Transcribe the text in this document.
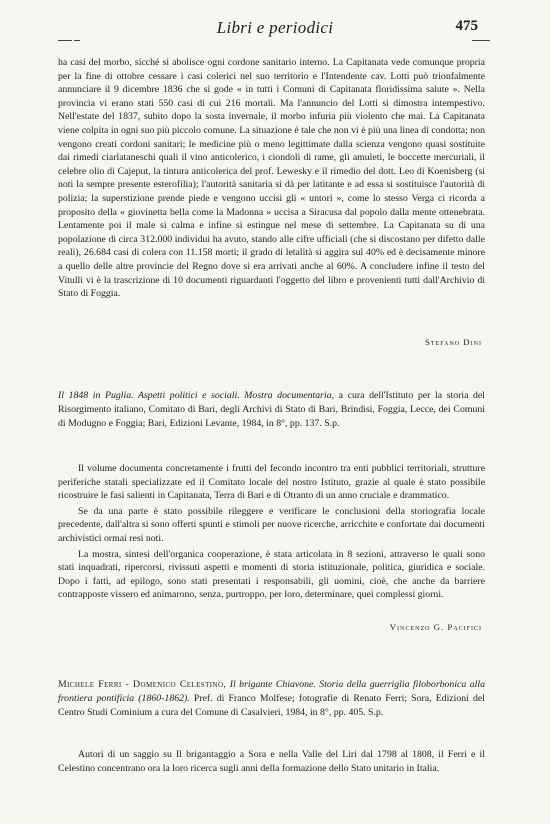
Libri e periodici	475

ha casi del morbo, sicché si abolisce ogni cordone sanitario interno. La Capitanata vede comunque propria per la fine di ottobre cessare i casi colerici nel suo territorio e l'Intendente cav. Lotti può trionfalmente annunciare il 9 dicembre 1836 che si gode « in tutti i Comuni di Capitanata floridissima salute ». Nella provincia vi erano stati 550 casi di cui 216 mortali. Ma l'annuncio del Lotti si dimostra intempestivo. Nell'estate del 1837, subito dopo la sosta invernale, il morbo infuria più violento che mai. La Capitanata viene colpita in ogni suo più piccolo comune. La situazione è tale che non vi è più una linea di condotta; non vengono creati cordoni sanitari; le medicine più o meno legittimate dalla scienza vengono quasi sostituite dai rimedi ciarlataneschi quali il vino anticolerico, i ciondoli di rame, gli amuleti, le boccette mercuriali, il celebre olio di Cajeput, la tintura anticolerica del prof. Lewesky e il rimedio del dott. Leo di Koenisberg (si noti la sempre presente esterofilia); l'autorità sanitaria si dà per latitante e ad essa si sostituisce l'autorità di polizia; la superstizione prende piede e vengono uccisi gli « untori », come lo stesso Verga ci ricorda a proposito della « giovinetta bella come la Madonna » uccisa a Siracusa dal popolo dalla mente ottenebrata. Lentamente poi il male si calma e infine si estingue nel mese di settembre. La Capitanata su di una popolazione di circa 312.000 individui ha avuto, stando alle cifre ufficiali (che si discostano per difetto dalle reali), 26.684 casi di colera con 11.158 morti; il grado di letalità si aggira sul 40% ed è decisamente minore a quello delle altre provincie del Regno dove si era arrivati anche al 60%. A concludere infine il testo del Vitulli vi è la trascrizione di 10 documenti riguardanti l'oggetto del libro e provenienti tutti dall'Archivio di Stato di Foggia.

Stefano Dini

Il 1848 in Puglia. Aspetti politici e sociali. Mostra documentaria, a cura dell'Istituto per la storia del Risorgimento italiano, Comitato di Bari, degli Archivi di Stato di Bari, Brindisi, Foggia, Lecce, dei Comuni di Modugno e Foggia; Bari, Edizioni Levante, 1984, in 8°, pp. 137. S.p.

Il volume documenta concretamente i frutti del fecondo incontro tra enti pubblici territoriali, strutture periferiche statali specializzate ed il Comitato locale del nostro Istituto, grazie al quale è stato possibile ricostruire le fasi salienti in Capitanata, Terra di Bari e di Otranto di un anno cruciale e drammatico.

Se da una parte è stato possibile rileggere e verificare le conclusioni della storiografia locale precedente, dall'altra si sono offerti spunti e stimoli per nuove ricerche, arricchite e confortate dai documenti archivistici ormai resi noti.

La mostra, sintesi dell'organica cooperazione, è stata articolata in 8 sezioni, attraverso le quali sono stati inquadrati, ripercorsi, rivissuti aspetti e momenti di storia istituzionale, politica, giuridica e sociale. Dopo i fatti, ad epilogo, sono stati presentati i responsabili, gli uomini, cioè, che anche da barriere contrapposte vissero ed animarono, senza, purtroppo, per loro, determinare, quei complessi giorni.

Vincenzo G. Pacifici

Michele Ferri - Domenico Celestino, Il brigante Chiavone. Storia della guerriglia filoborbonica alla frontiera pontificia (1860-1862). Pref. di Franco Molfese; fotografie di Renato Ferri; Sora, Edizioni del Centro Studi Cominium a cura del Comune di Casalvieri, 1984, in 8°, pp. 405. S.p.

Autori di un saggio su Il brigantaggio a Sora e nella Valle del Liri dal 1798 al 1808, il Ferri e il Celestino concentrano ora la loro ricerca sugli anni della formazione dello Stato unitario in Italia.
